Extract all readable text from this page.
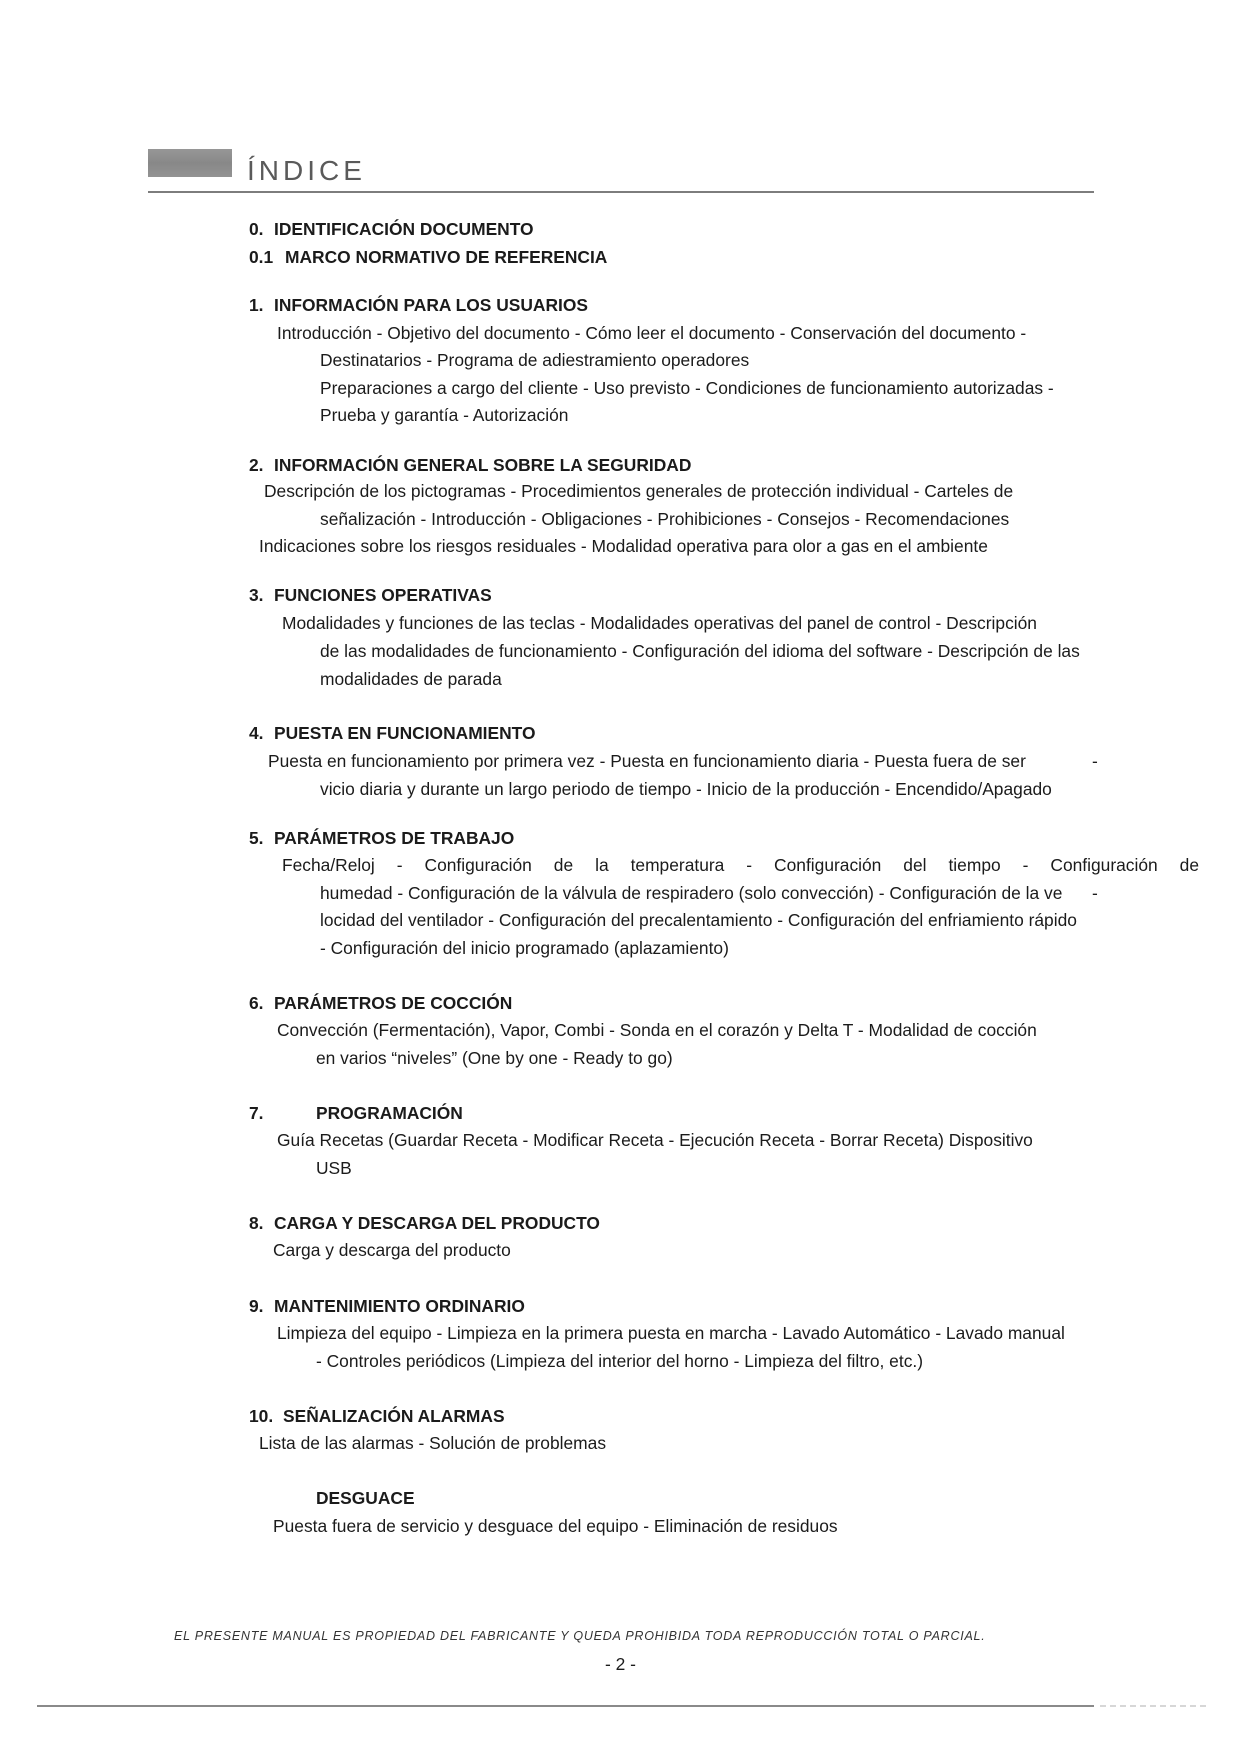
ÍNDICE
0. IDENTIFICACIÓN DOCUMENTO
0.1 MARCO NORMATIVO DE REFERENCIA
1. INFORMACIÓN PARA LOS USUARIOS
Introducción - Objetivo del documento - Cómo leer el documento - Conservación del documento -
Destinatarios - Programa de adiestramiento operadores
Preparaciones a cargo del cliente - Uso previsto - Condiciones de funcionamiento autorizadas -
Prueba y garantía - Autorización
2. INFORMACIÓN GENERAL SOBRE LA SEGURIDAD
Descripción de los pictogramas - Procedimientos generales de protección individual - Carteles de
señalización - Introducción - Obligaciones - Prohibiciones - Consejos - Recomendaciones
Indicaciones sobre los riesgos residuales - Modalidad operativa para olor a gas en el ambiente
3. FUNCIONES OPERATIVAS
Modalidades y funciones de las teclas - Modalidades operativas del panel de control - Descripción
de las modalidades de funcionamiento - Configuración del idioma del software - Descripción de las
modalidades de parada
4. PUESTA EN FUNCIONAMIENTO
Puesta en funcionamiento por primera vez - Puesta en funcionamiento diaria - Puesta fuera de ser	-
vicio diaria y durante un largo periodo de tiempo - Inicio de la producción - Encendido/Apagado
5. PARÁMETROS DE TRABAJO
Fecha/Reloj - Configuración de la temperatura - Configuración del tiempo - Configuración de
humedad - Configuración de la válvula de respiradero (solo convección) - Configuración de la ve -
locidad del ventilador - Configuración del precalentamiento - Configuración del enfriamiento rápido
- Configuración del inicio programado (aplazamiento)
6. PARÁMETROS DE COCCIÓN
Convección (Fermentación), Vapor, Combi - Sonda en el corazón y Delta T - Modalidad de cocción
en varios “niveles” (One by one - Ready to go)
7.	PROGRAMACIÓN
Guía Recetas (Guardar Receta - Modificar Receta - Ejecución Receta - Borrar Receta) Dispositivo
USB
8. CARGA Y DESCARGA DEL PRODUCTO
Carga y descarga del producto
9. MANTENIMIENTO ORDINARIO
Limpieza del equipo - Limpieza en la primera puesta en marcha - Lavado Automático - Lavado manual
- Controles periódicos (Limpieza del interior del horno - Limpieza del filtro, etc.)
10. SEÑALIZACIÓN ALARMAS
Lista de las alarmas - Solución de problemas
DESGUACE
Puesta fuera de servicio y desguace del equipo - Eliminación de residuos
EL PRESENTE MANUAL ES PROPIEDAD DEL FABRICANTE Y QUEDA PROHIBIDA TODA REPRODUCCIÓN TOTAL O PARCIAL.
- 2 -
